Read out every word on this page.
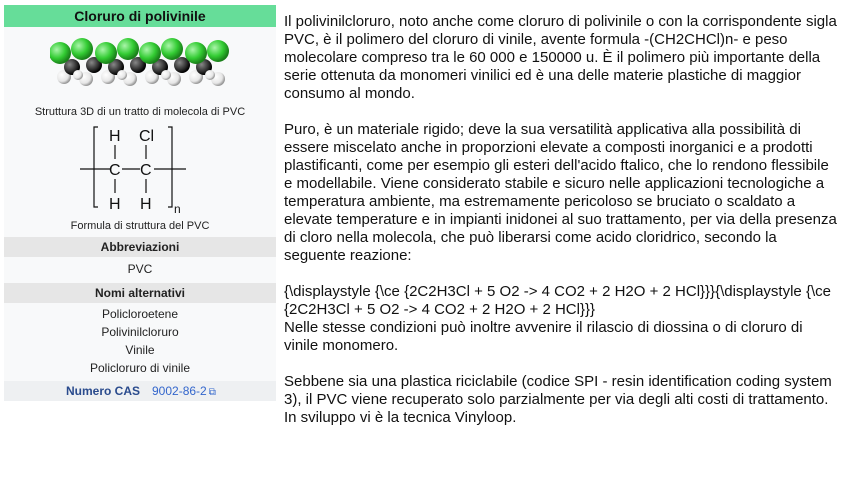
Cloruro di polivinile
Struttura 3D di un tratto di molecola di PVC
H Cl
C C
H H n
Formula di struttura del PVC
Abbreviazioni
PVC
Nomi alternativi
Policloroetene
Polivinilcloruro
Vinile
Policloruro di vinile
Numero CAS	9002-86-2 ⧉

Il polivinilcloruro, noto anche come cloruro di polivinile o con la corrispondente sigla PVC, è il polimero del cloruro di vinile, avente formula -(CH2CHCl)n- e peso molecolare compreso tra le 60 000 e 150000 u. È il polimero più importante della serie ottenuta da monomeri vinilici ed è una delle materie plastiche di maggior consumo al mondo.

Puro, è un materiale rigido; deve la sua versatilità applicativa alla possibilità di essere miscelato anche in proporzioni elevate a composti inorganici e a prodotti plastificanti, come per esempio gli esteri dell'acido ftalico, che lo rendono flessibile e modellabile. Viene considerato stabile e sicuro nelle applicazioni tecnologiche a temperatura ambiente, ma estremamente pericoloso se bruciato o scaldato a elevate temperature e in impianti inidonei al suo trattamento, per via della presenza di cloro nella molecola, che può liberarsi come acido cloridrico, secondo la seguente reazione:

{\displaystyle {\ce {2C2H3Cl + 5 O2 -> 4 CO2 + 2 H2O + 2 HCl}}}{\displaystyle {\ce {2C2H3Cl + 5 O2 -> 4 CO2 + 2 H2O + 2 HCl}}}

Nelle stesse condizioni può inoltre avvenire il rilascio di diossina o di cloruro di vinile monomero.

Sebbene sia una plastica riciclabile (codice SPI - resin identification coding system 3), il PVC viene recuperato solo parzialmente per via degli alti costi di trattamento. In sviluppo vi è la tecnica Vinyloop.
